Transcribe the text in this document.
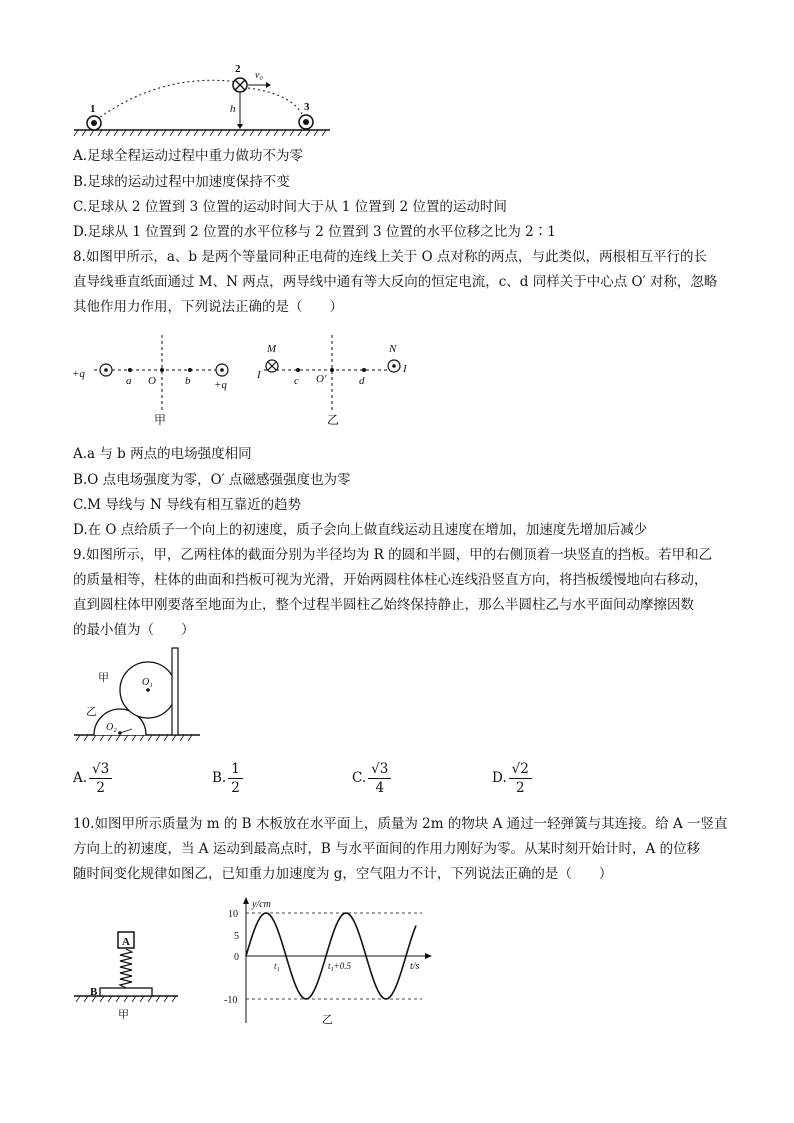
1
2
3
v₀
h
A.足球全程运动过程中重力做功不为零
B.足球的运动过程中加速度保持不变
C.足球从 2 位置到 3 位置的运动时间大于从 1 位置到 2 位置的运动时间
D.足球从 1 位置到 2 位置的水平位移与 2 位置到 3 位置的水平位移之比为 2∶1
8.如图甲所示，a、b 是两个等量同种正电荷的连线上关于 O 点对称的两点，与此类似，两根相互平行的长
直导线垂直纸面通过 M、N 两点，两导线中通有等大反向的恒定电流，c、d 同样关于中心点 O′ 对称，忽略
其他作用力作用，下列说法正确的是（　　）
+q
a O	b +q
甲
M
I	c O′	d
N
I
乙
A.a 与 b 两点的电场强度相同
B.O 点电场强度为零，O′ 点磁感强强度也为零
C.M 导线与 N 导线有相互靠近的趋势
D.在 O 点给质子一个向上的初速度，质子会向上做直线运动且速度在增加，加速度先增加后减少
9.如图所示，甲，乙两柱体的截面分别为半径均为 R 的圆和半圆，甲的右侧顶着一块竖直的挡板。若甲和乙
的质量相等，柱体的曲面和挡板可视为光滑，开始两圆柱体柱心连线沿竖直方向，将挡板缓慢地向右移动，
直到圆柱体甲刚要落至地面为止，整个过程半圆柱乙始终保持静止，那么半圆柱乙与水平面间动摩擦因数
的最小值为（　　）
甲
乙
O₁
O₂
A. $\frac{√3}{2}$	B. $\frac{1}{2}$	C. $\frac{√3}{4}$	D. $\frac{√2}{2}$
10.如图甲所示质量为 m 的 B 木板放在水平面上，质量为 2m 的物块 A 通过一轻弹簧与其连接。给 A 一竖直
方向上的初速度，当 A 运动到最高点时，B 与水平面间的作用力刚好为零。从某时刻开始计时，A 的位移
随时间变化规律如图乙，已知重力加速度为 g，空气阻力不计，下列说法正确的是（　　）
A
B
甲
y/cm
t/s
10
5
0
-10
t₁	t₁+0.5
乙
